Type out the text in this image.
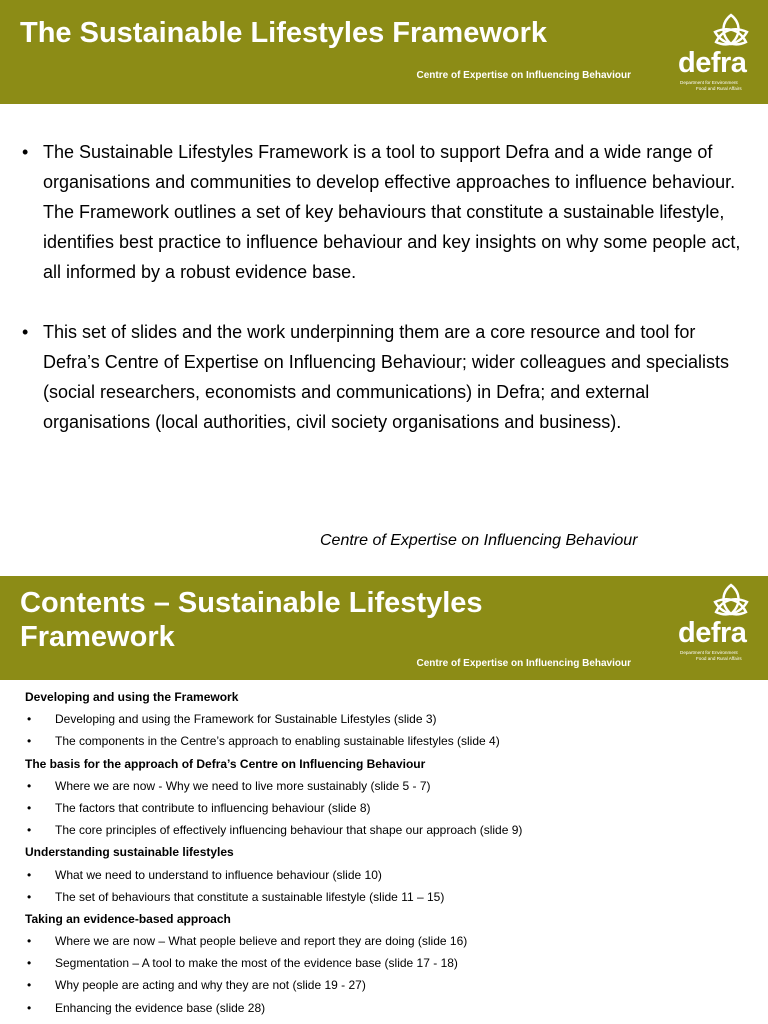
The Sustainable Lifestyles Framework
Centre of Expertise on Influencing Behaviour defra
Department for Environment
Food and Rural Affairs
• The Sustainable Lifestyles Framework is a tool to support Defra and a wide range of organisations and communities to develop effective approaches to influence behaviour. The Framework outlines a set of key behaviours that constitute a sustainable lifestyle, identifies best practice to influence behaviour and key insights on why some people act, all informed by a robust evidence base.
• This set of slides and the work underpinning them are a core resource and tool for Defra’s Centre of Expertise on Influencing Behaviour; wider colleagues and specialists (social researchers, economists and communications) in Defra; and external organisations (local authorities, civil society organisations and business).
Centre of Expertise on Influencing Behaviour
Contents – Sustainable Lifestyles
Framework
Centre of Expertise on Influencing Behaviour
defra
Department for Environment
Food and Rural Affairs
Developing and using the Framework
• Developing and using the Framework for Sustainable Lifestyles (slide 3)
• The components in the Centre’s approach to enabling sustainable lifestyles (slide 4)
The basis for the approach of Defra’s Centre on Influencing Behaviour
• Where we are now - Why we need to live more sustainably (slide 5 - 7)
• The factors that contribute to influencing behaviour (slide 8)
• The core principles of effectively influencing behaviour that shape our approach (slide 9)
Understanding sustainable lifestyles
• What we need to understand to influence behaviour (slide 10)
• The set of behaviours that constitute a sustainable lifestyle (slide 11 – 15)
Taking an evidence-based approach
• Where we are now – What people believe and report they are doing (slide 16)
• Segmentation – A tool to make the most of the evidence base (slide 17 - 18)
• Why people are acting and why they are not (slide 19 - 27)
• Enhancing the evidence base (slide 28)
